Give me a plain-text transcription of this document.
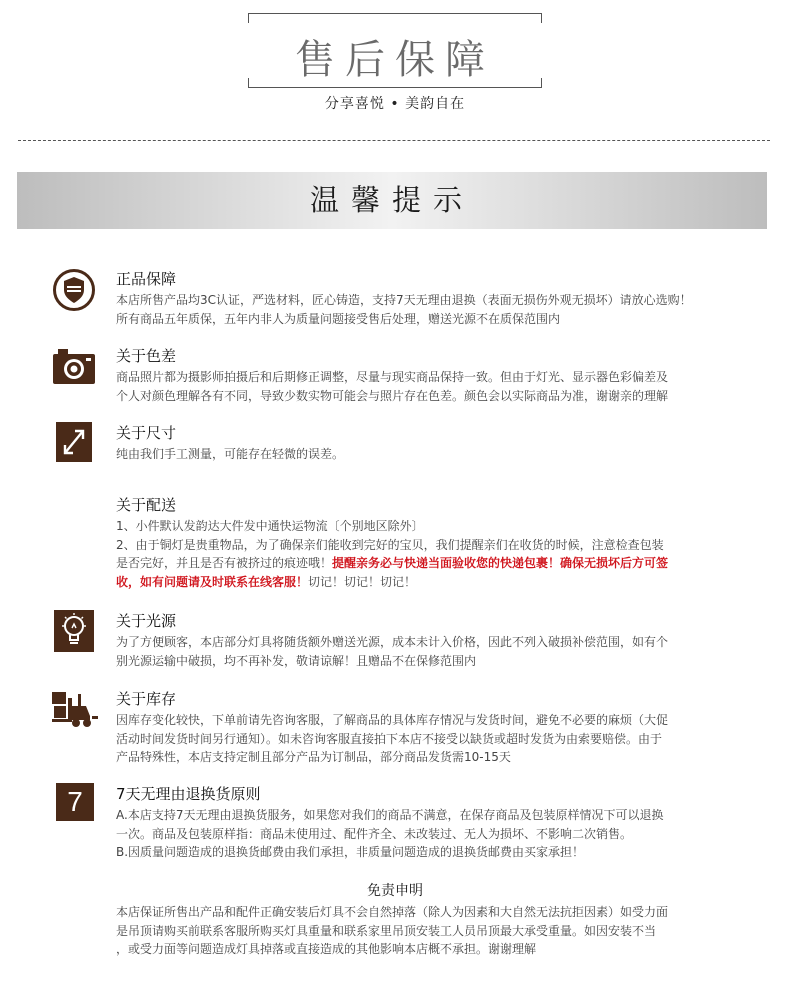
售后保障
分享喜悦 • 美韵自在
温馨提示
正品保障

本店所售产品均3C认证，严选材料，匠心铸造，支持7天无理由退换（表面无损伤外观无损坏）请放心选购！

所有商品五年质保，五年内非人为质量问题接受售后处理，赠送光源不在质保范围内

关于色差

商品照片都为摄影师拍摄后和后期修正调整，尽量与现实商品保持一致。但由于灯光、显示器色彩偏差及

个人对颜色理解各有不同，导致少数实物可能会与照片存在色差。颜色会以实际商品为准，谢谢亲的理解

关于尺寸

纯由我们手工测量，可能存在轻微的误差。

关于配送

1、小件默认发韵达大件发中通快运物流〔个别地区除外〕

2、由于铜灯是贵重物品，为了确保亲们能收到完好的宝贝，我们提醒亲们在收货的时候，注意检查包装

是否完好，并且是否有被挤过的痕迹哦！提醒亲务必与快递当面验收您的快递包裹！确保无损坏后方可签

收，如有问题请及时联系在线客服！切记！切记！切记！

关于光源

为了方便顾客，本店部分灯具将随货额外赠送光源，成本未计入价格，因此不列入破损补偿范围，如有个

别光源运输中破损，均不再补发，敬请谅解！且赠品不在保修范围内

关于库存

因库存变化较快，下单前请先咨询客服，了解商品的具体库存情况与发货时间，避免不必要的麻烦（大促

活动时间发货时间另行通知）。如未咨询客服直接拍下本店不接受以缺货或超时发货为由索要赔偿。由于

产品特殊性，本店支持定制且部分产品为订制品，部分商品发货需10-15天

7	7天无理由退换货原则

A.本店支持7天无理由退换货服务，如果您对我们的商品不满意，在保存商品及包装原样情况下可以退换

一次。商品及包装原样指：商品未使用过、配件齐全、未改装过、无人为损坏、不影响二次销售。

B.因质量问题造成的退换货邮费由我们承担，非质量问题造成的退换货邮费由买家承担！

免责申明

本店保证所售出产品和配件正确安装后灯具不会自然掉落（除人为因素和大自然无法抗拒因素）如受力面

是吊顶请购买前联系客服所购买灯具重量和联系家里吊顶安装工人员吊顶最大承受重量。如因安装不当

，或受力面等问题造成灯具掉落或直接造成的其他影响本店概不承担。谢谢理解
